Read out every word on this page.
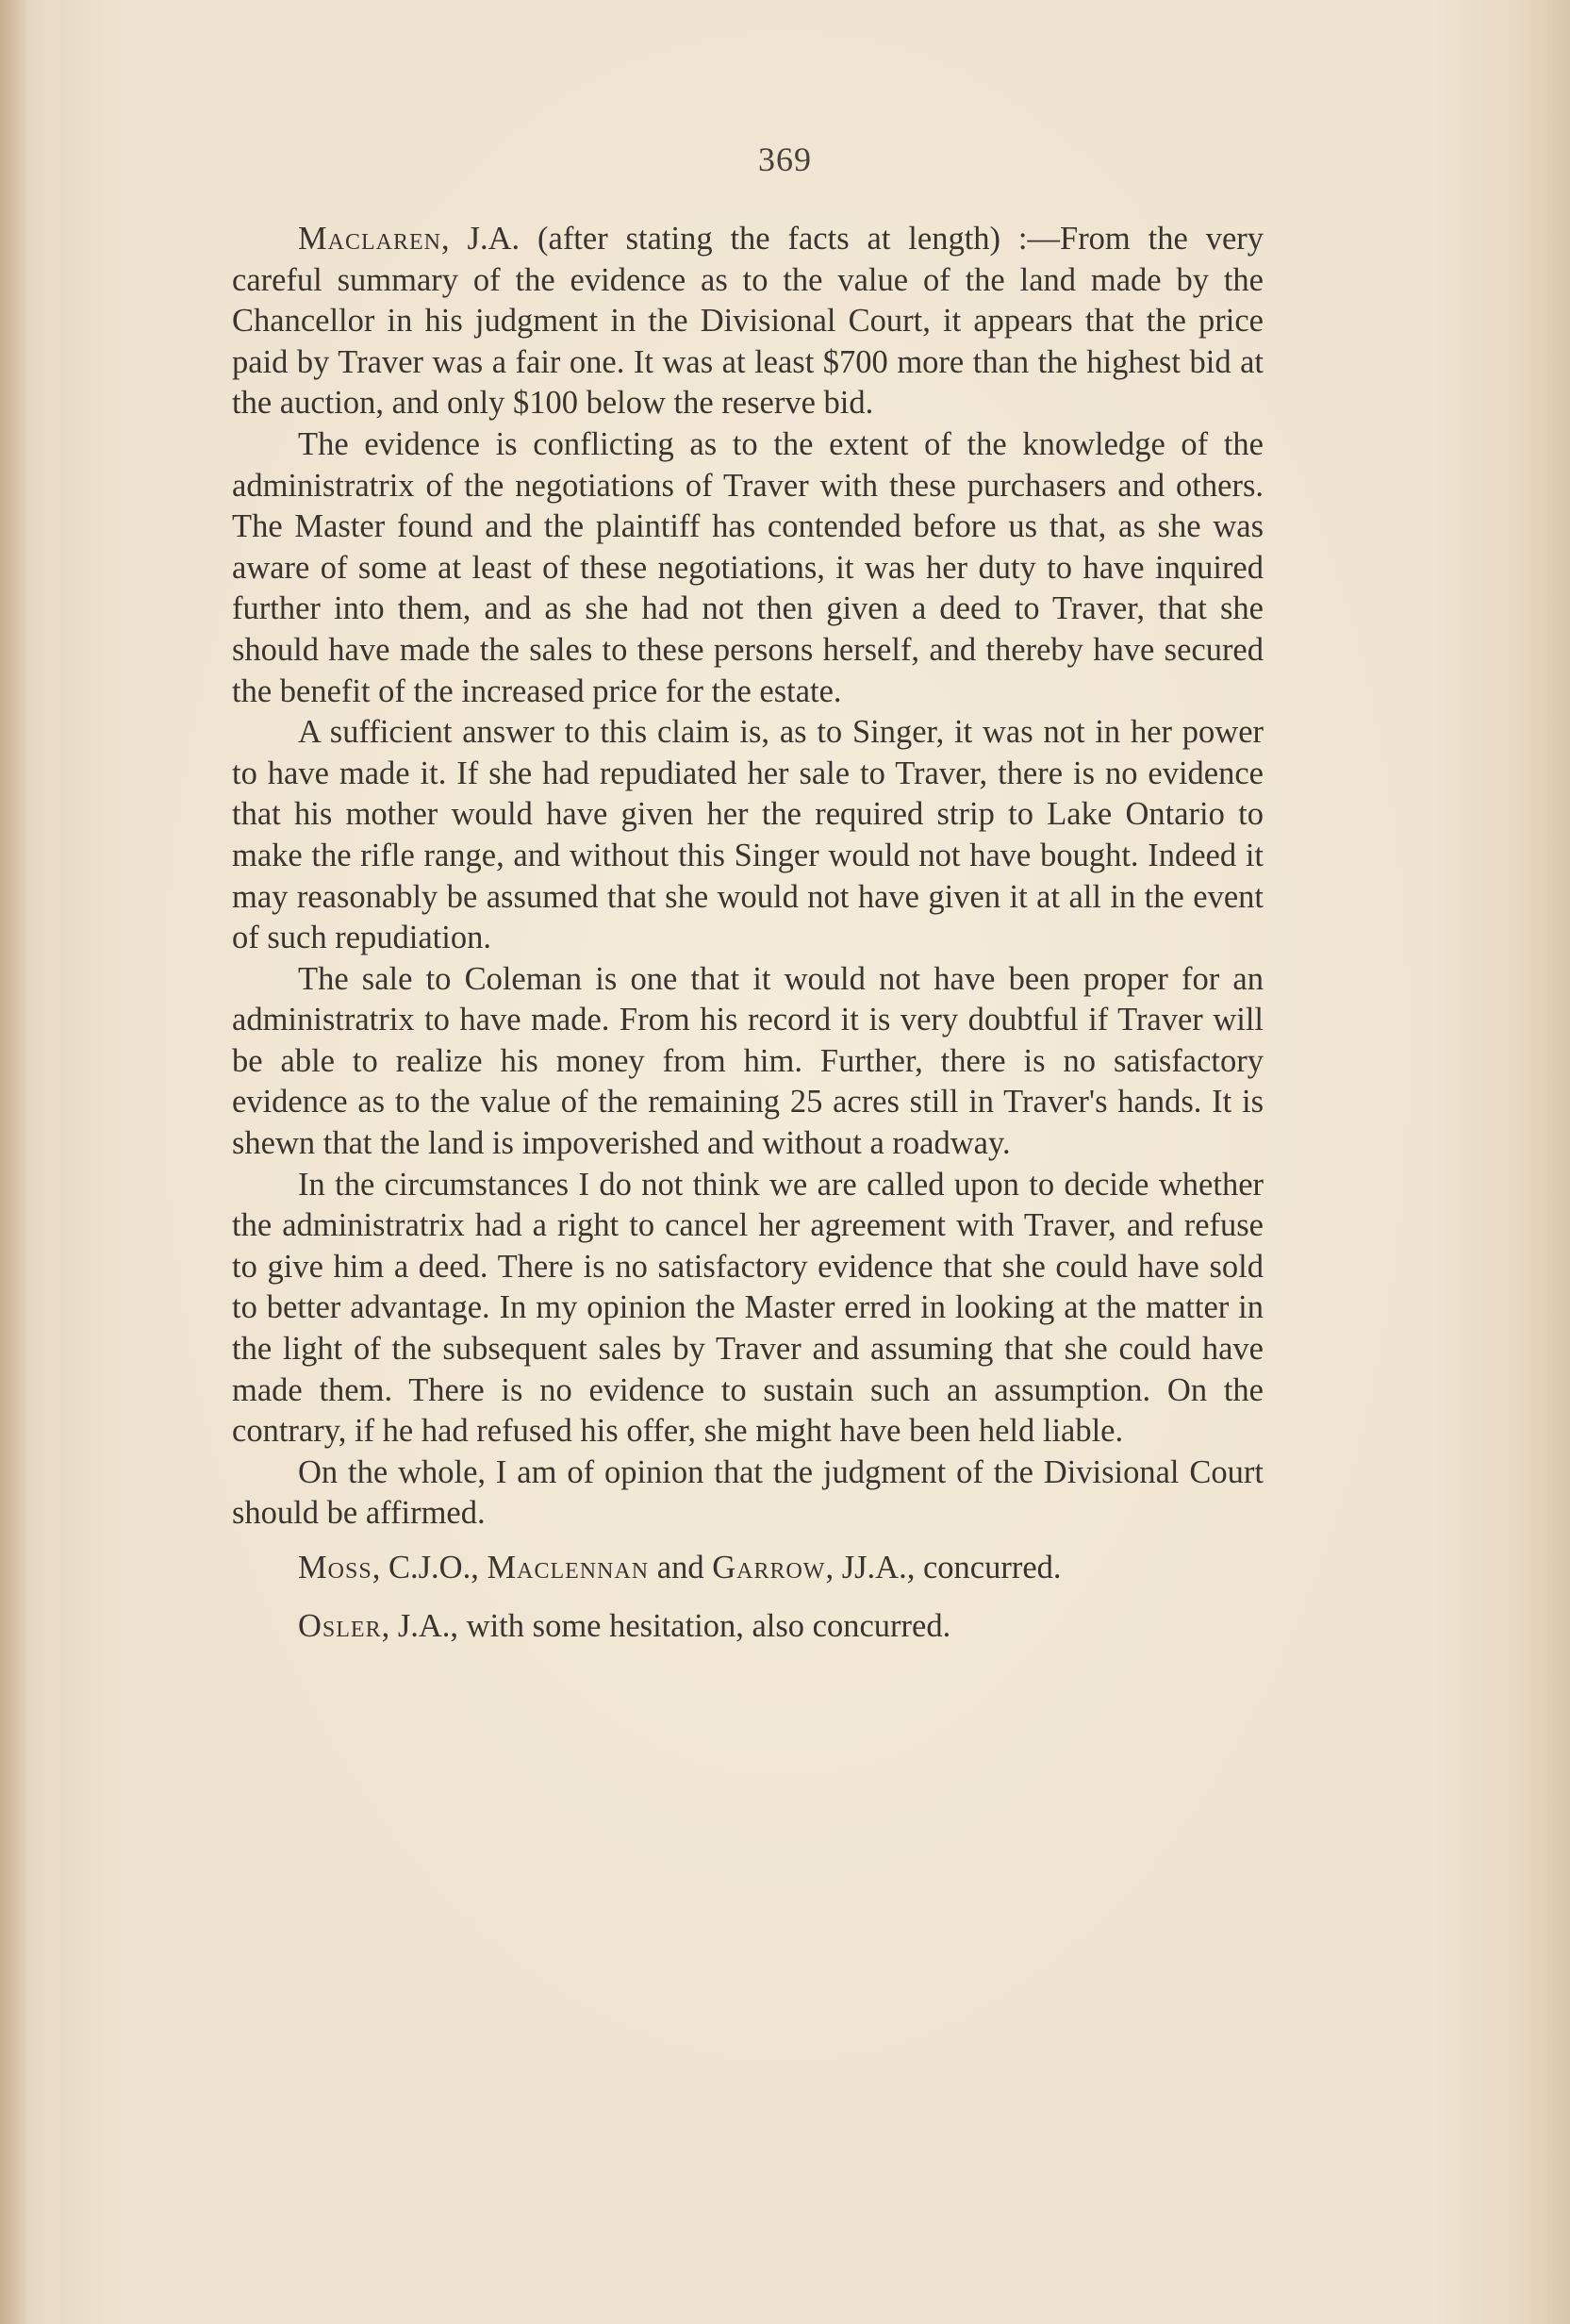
369

Maclaren, J.A. (after stating the facts at length) :—From the very careful summary of the evidence as to the value of the land made by the Chancellor in his judgment in the Divisional Court, it appears that the price paid by Traver was a fair one. It was at least $700 more than the highest bid at the auction, and only $100 below the reserve bid.

The evidence is conflicting as to the extent of the knowledge of the administratrix of the negotiations of Traver with these purchasers and others. The Master found and the plaintiff has contended before us that, as she was aware of some at least of these negotiations, it was her duty to have inquired further into them, and as she had not then given a deed to Traver, that she should have made the sales to these persons herself, and thereby have secured the benefit of the increased price for the estate.

A sufficient answer to this claim is, as to Singer, it was not in her power to have made it. If she had repudiated her sale to Traver, there is no evidence that his mother would have given her the required strip to Lake Ontario to make the rifle range, and without this Singer would not have bought. Indeed it may reasonably be assumed that she would not have given it at all in the event of such repudiation.

The sale to Coleman is one that it would not have been proper for an administratrix to have made. From his record it is very doubtful if Traver will be able to realize his money from him. Further, there is no satisfactory evidence as to the value of the remaining 25 acres still in Traver's hands. It is shewn that the land is impoverished and without a roadway.

In the circumstances I do not think we are called upon to decide whether the administratrix had a right to cancel her agreement with Traver, and refuse to give him a deed. There is no satisfactory evidence that she could have sold to better advantage. In my opinion the Master erred in looking at the matter in the light of the subsequent sales by Traver and assuming that she could have made them. There is no evidence to sustain such an assumption. On the contrary, if he had refused his offer, she might have been held liable.

On the whole, I am of opinion that the judgment of the Divisional Court should be affirmed.

Moss, C.J.O., Maclennan and Garrow, JJ.A., concurred.

Osler, J.A., with some hesitation, also concurred.
